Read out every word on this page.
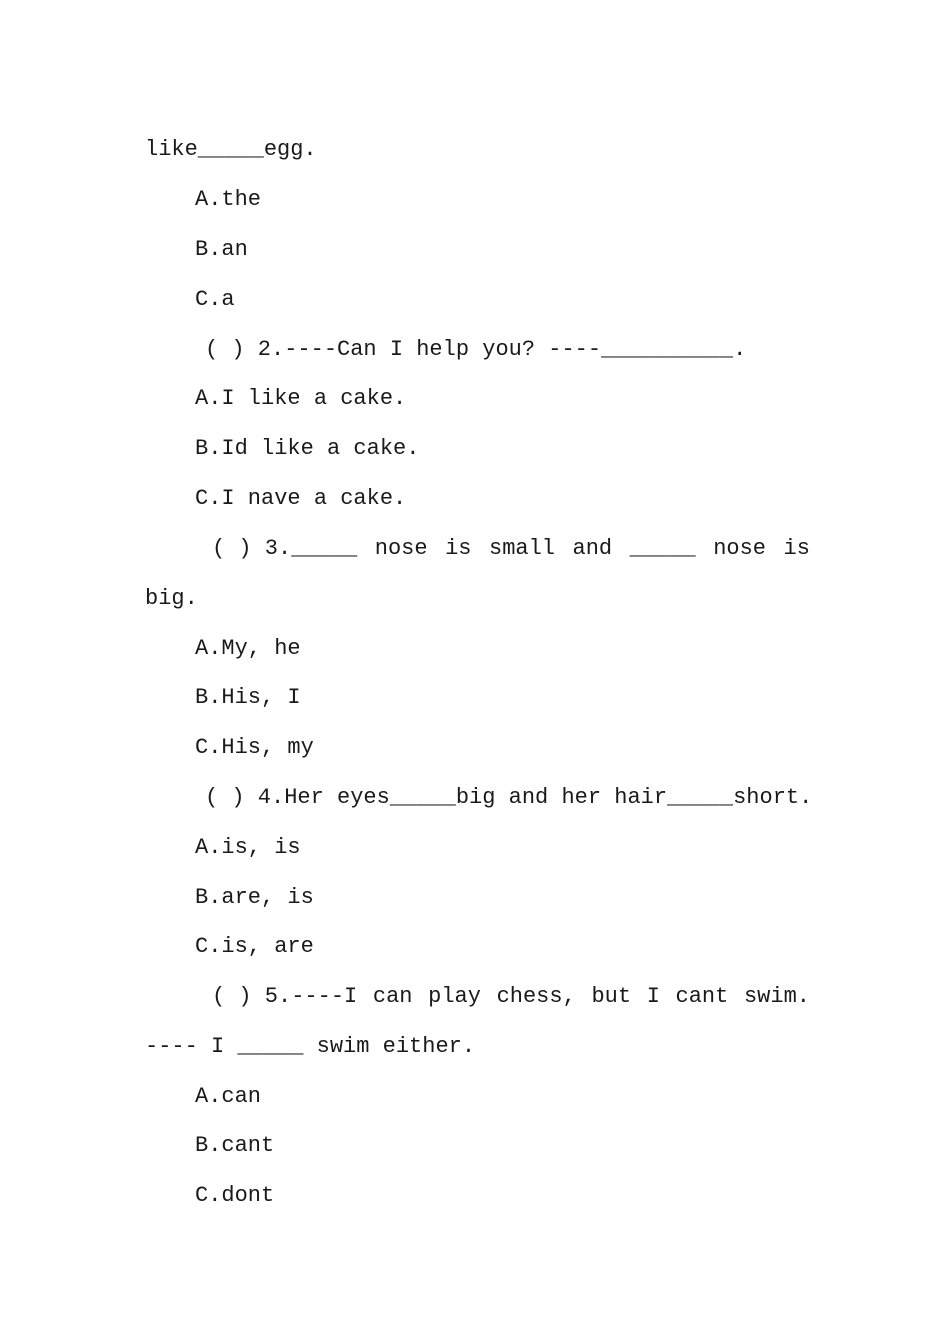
like_____egg.
A.the
B.an
C.a
( ) 2.----Can I help you? ----__________.
A.I like a cake.
B.Id like a cake.
C.I nave a cake.
( ) 3._____ nose is small and _____ nose is
big.
A.My, he
B.His, I
C.His, my
( ) 4.Her eyes_____big and her hair_____short.
A.is, is
B.are, is
C.is, are
( ) 5.----I can play chess, but I cant swim.
---- I _____ swim either.
A.can
B.cant
C.dont
